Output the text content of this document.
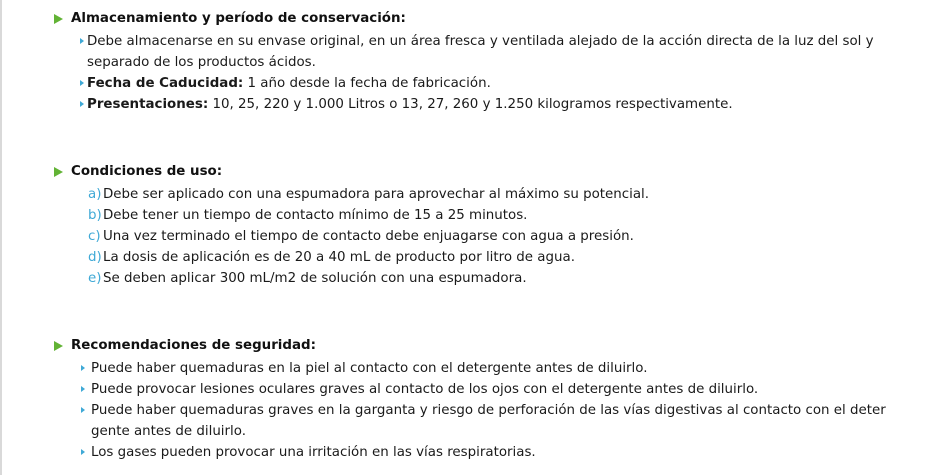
Almacenamiento y período de conservación:
Debe almacenarse en su envase original, en un área fresca y ventilada alejado de la acción directa de la luz del sol y separado de los productos ácidos.
Fecha de Caducidad: 1 año desde la fecha de fabricación.
Presentaciones: 10, 25, 220 y 1.000 Litros o 13, 27, 260 y 1.250 kilogramos respectivamente.
Condiciones de uso:
a) Debe ser aplicado con una espumadora para aprovechar al máximo su potencial.
b) Debe tener un tiempo de contacto mínimo de 15 a 25 minutos.
c) Una vez terminado el tiempo de contacto debe enjuagarse con agua a presión.
d) La dosis de aplicación es de 20 a 40 mL de producto por litro de agua.
e) Se deben aplicar 300 mL/m2 de solución con una espumadora.
Recomendaciones de seguridad:
Puede haber quemaduras en la piel al contacto con el detergente antes de diluirlo.
Puede provocar lesiones oculares graves al contacto de los ojos con el detergente antes de diluirlo.
Puede haber quemaduras graves en la garganta y riesgo de perforación de las vías digestivas al contacto con el deter gente antes de diluirlo.
Los gases pueden provocar una irritación en las vías respiratorias.
